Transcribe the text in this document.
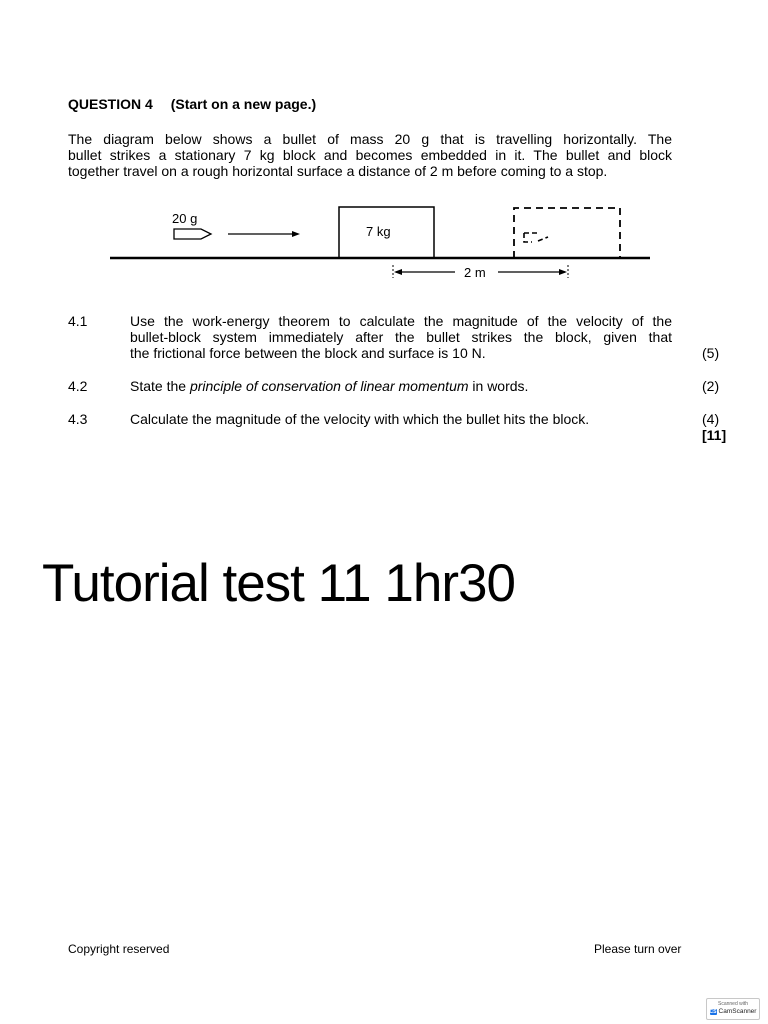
QUESTION 4 (Start on a new page.)

The diagram below shows a bullet of mass 20 g that is travelling horizontally. The

bullet strikes a stationary 7 kg block and becomes embedded in it. The bullet and block

together travel on a rough horizontal surface a distance of 2 m before coming to a stop.

20 g
7 kg
2 m
4.1	Use the work-energy theorem to calculate the magnitude of the velocity of the

bullet-block system immediately after the bullet strikes the block, given that

the frictional force between the block and surface is 10 N.	(5)
4.2	State the principle of conservation of linear momentum in words.	(2)
4.3	Calculate the magnitude of the velocity with which the bullet hits the block.	(4)
[11]
Tutorial test 11 1hr30
Copyright reserved	Please turn over
Scanned with
CS CamScanner
